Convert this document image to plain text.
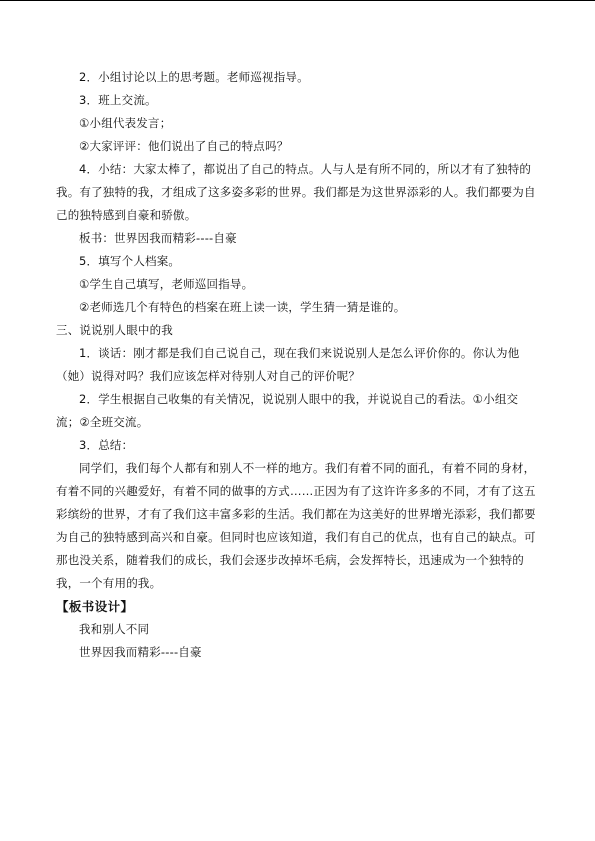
2．小组讨论以上的思考题。老师巡视指导。

3．班上交流。

①小组代表发言；

②大家评评：他们说出了自己的特点吗？

4．小结：大家太棒了，都说出了自己的特点。人与人是有所不同的，所以才有了独特的我。有了独特的我，才组成了这多姿多彩的世界。我们都是为这世界添彩的人。我们都要为自己的独特感到自豪和骄傲。

板书：世界因我而精彩----自豪

5．填写个人档案。

①学生自己填写，老师巡回指导。

②老师选几个有特色的档案在班上读一读，学生猜一猜是谁的。

三、说说别人眼中的我

1．谈话：刚才都是我们自己说自己，现在我们来说说别人是怎么评价你的。你认为他（她）说得对吗？我们应该怎样对待别人对自己的评价呢？

2．学生根据自己收集的有关情况，说说别人眼中的我，并说说自己的看法。①小组交流；②全班交流。

3．总结：

同学们，我们每个人都有和别人不一样的地方。我们有着不同的面孔，有着不同的身材，有着不同的兴趣爱好，有着不同的做事的方式……正因为有了这许许多多的不同，才有了这五彩缤纷的世界，才有了我们这丰富多彩的生活。我们都在为这美好的世界增光添彩，我们都要为自己的独特感到高兴和自豪。但同时也应该知道，我们有自己的优点，也有自己的缺点。可那也没关系，随着我们的成长，我们会逐步改掉坏毛病，会发挥特长，迅速成为一个独特的我，一个有用的我。

【板书设计】

我和别人不同

世界因我而精彩----自豪
